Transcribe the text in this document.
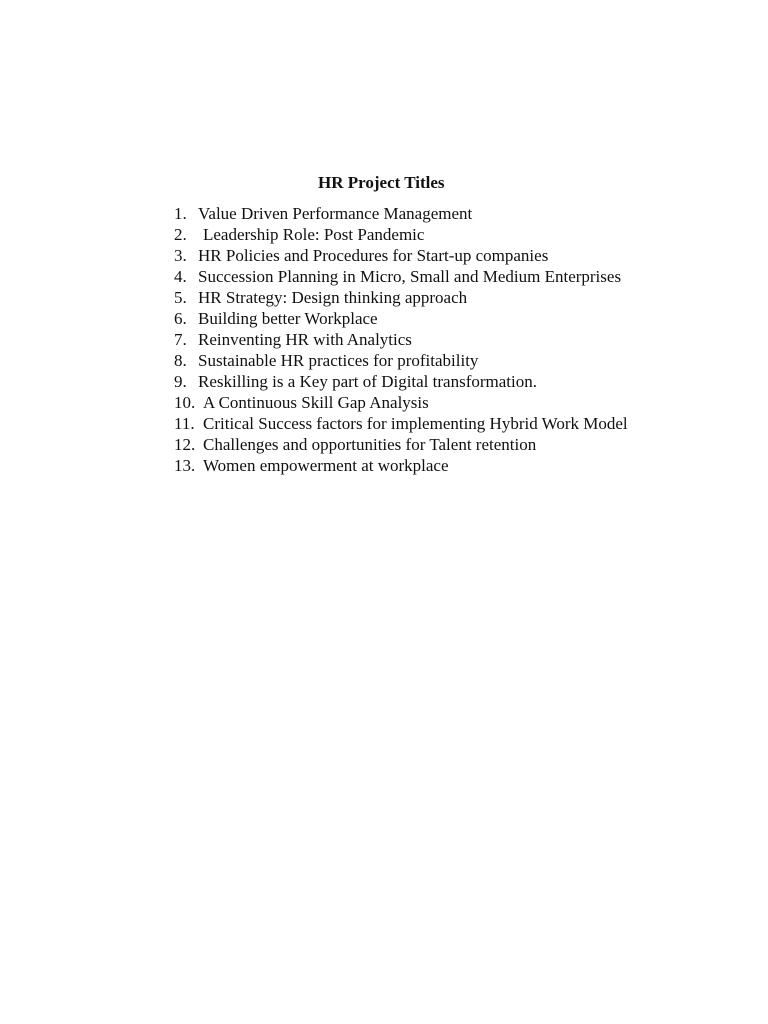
HR Project Titles
1. Value Driven Performance Management
2. Leadership Role: Post Pandemic
3. HR Policies and Procedures for Start-up companies
4. Succession Planning in Micro, Small and Medium Enterprises
5. HR Strategy: Design thinking approach
6. Building better Workplace
7. Reinventing HR with Analytics
8. Sustainable HR practices for profitability
9. Reskilling is a Key part of Digital transformation.
10. A Continuous Skill Gap Analysis
11. Critical Success factors for implementing Hybrid Work Model
12. Challenges and opportunities for Talent retention
13. Women empowerment at workplace
